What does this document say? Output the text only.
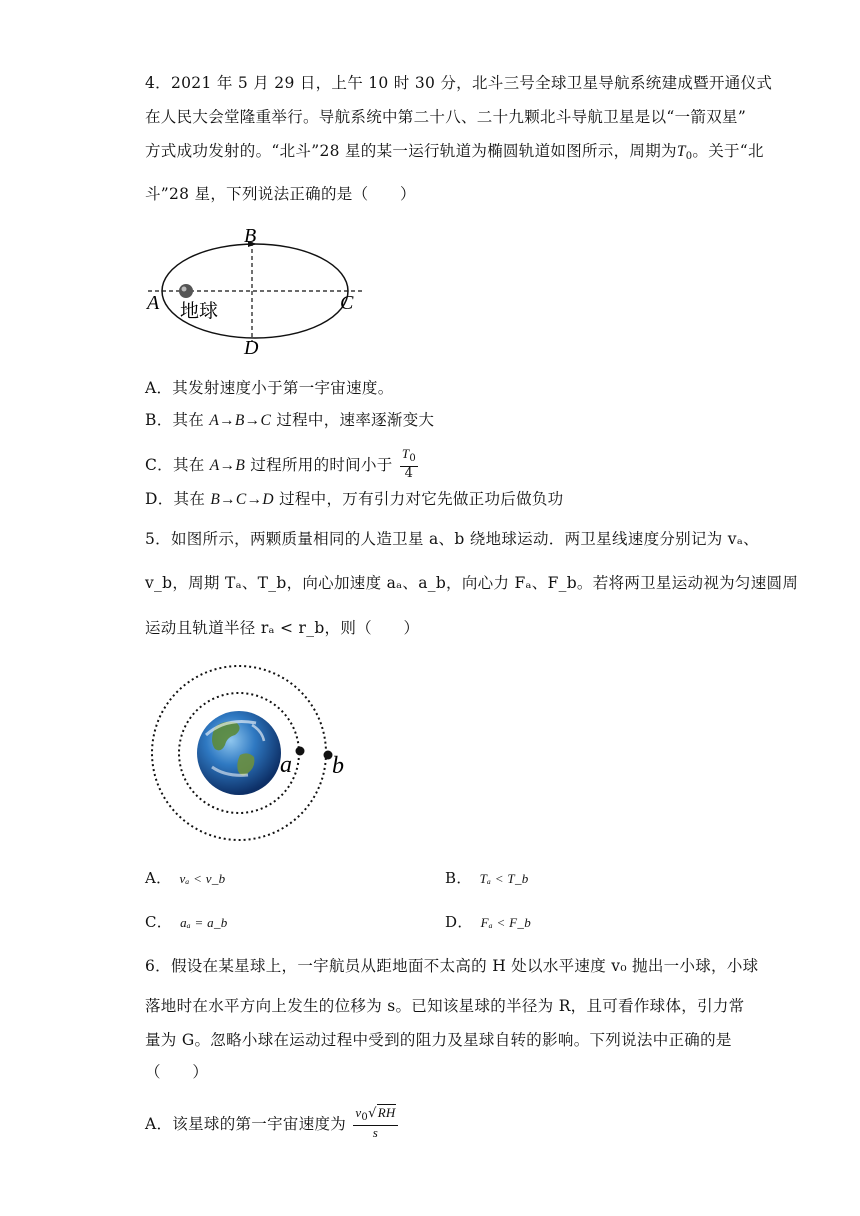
4．2021 年 5 月 29 日，上午 10 时 30 分，北斗三号全球卫星导航系统建成暨开通仪式
在人民大会堂隆重举行。导航系统中第二十八、二十九颗北斗导航卫星是以“一箭双星”
方式成功发射的。“北斗”28 星的某一运行轨道为椭圆轨道如图所示，周期为$T_0$。关于“北
斗”28 星，下列说法正确的是（　　）
A
B
C
D
地球
A．其发射速度小于第一宇宙速度。
B．其在 A→B→C 过程中，速率逐渐变大
C．其在 A→B 过程所用的时间小于 $\frac{T_0}{4}$
D．其在 B→C→D 过程中，万有引力对它先做正功后做负功
5．如图所示，两颗质量相同的人造卫星 a、b 绕地球运动．两卫星线速度分别记为 vₐ、
v_b，周期 Tₐ、T_b，向心加速度 aₐ、a_b，向心力 Fₐ、F_b。若将两卫星运动视为匀速圆周
运动且轨道半径 rₐ < r_b，则（　　）
a b
A． vₐ < v_b	B． Tₐ < T_b
C． aₐ = a_b	D． Fₐ < F_b
6．假设在某星球上，一宇航员从距地面不太高的 H 处以水平速度 v₀ 抛出一小球，小球
落地时在水平方向上发生的位移为 s。已知该星球的半径为 R，且可看作球体，引力常
量为 G。忽略小球在运动过程中受到的阻力及星球自转的影响。下列说法中正确的是
（　　）
A．该星球的第一宇宙速度为 $\frac{v_0√RH}{s}$
